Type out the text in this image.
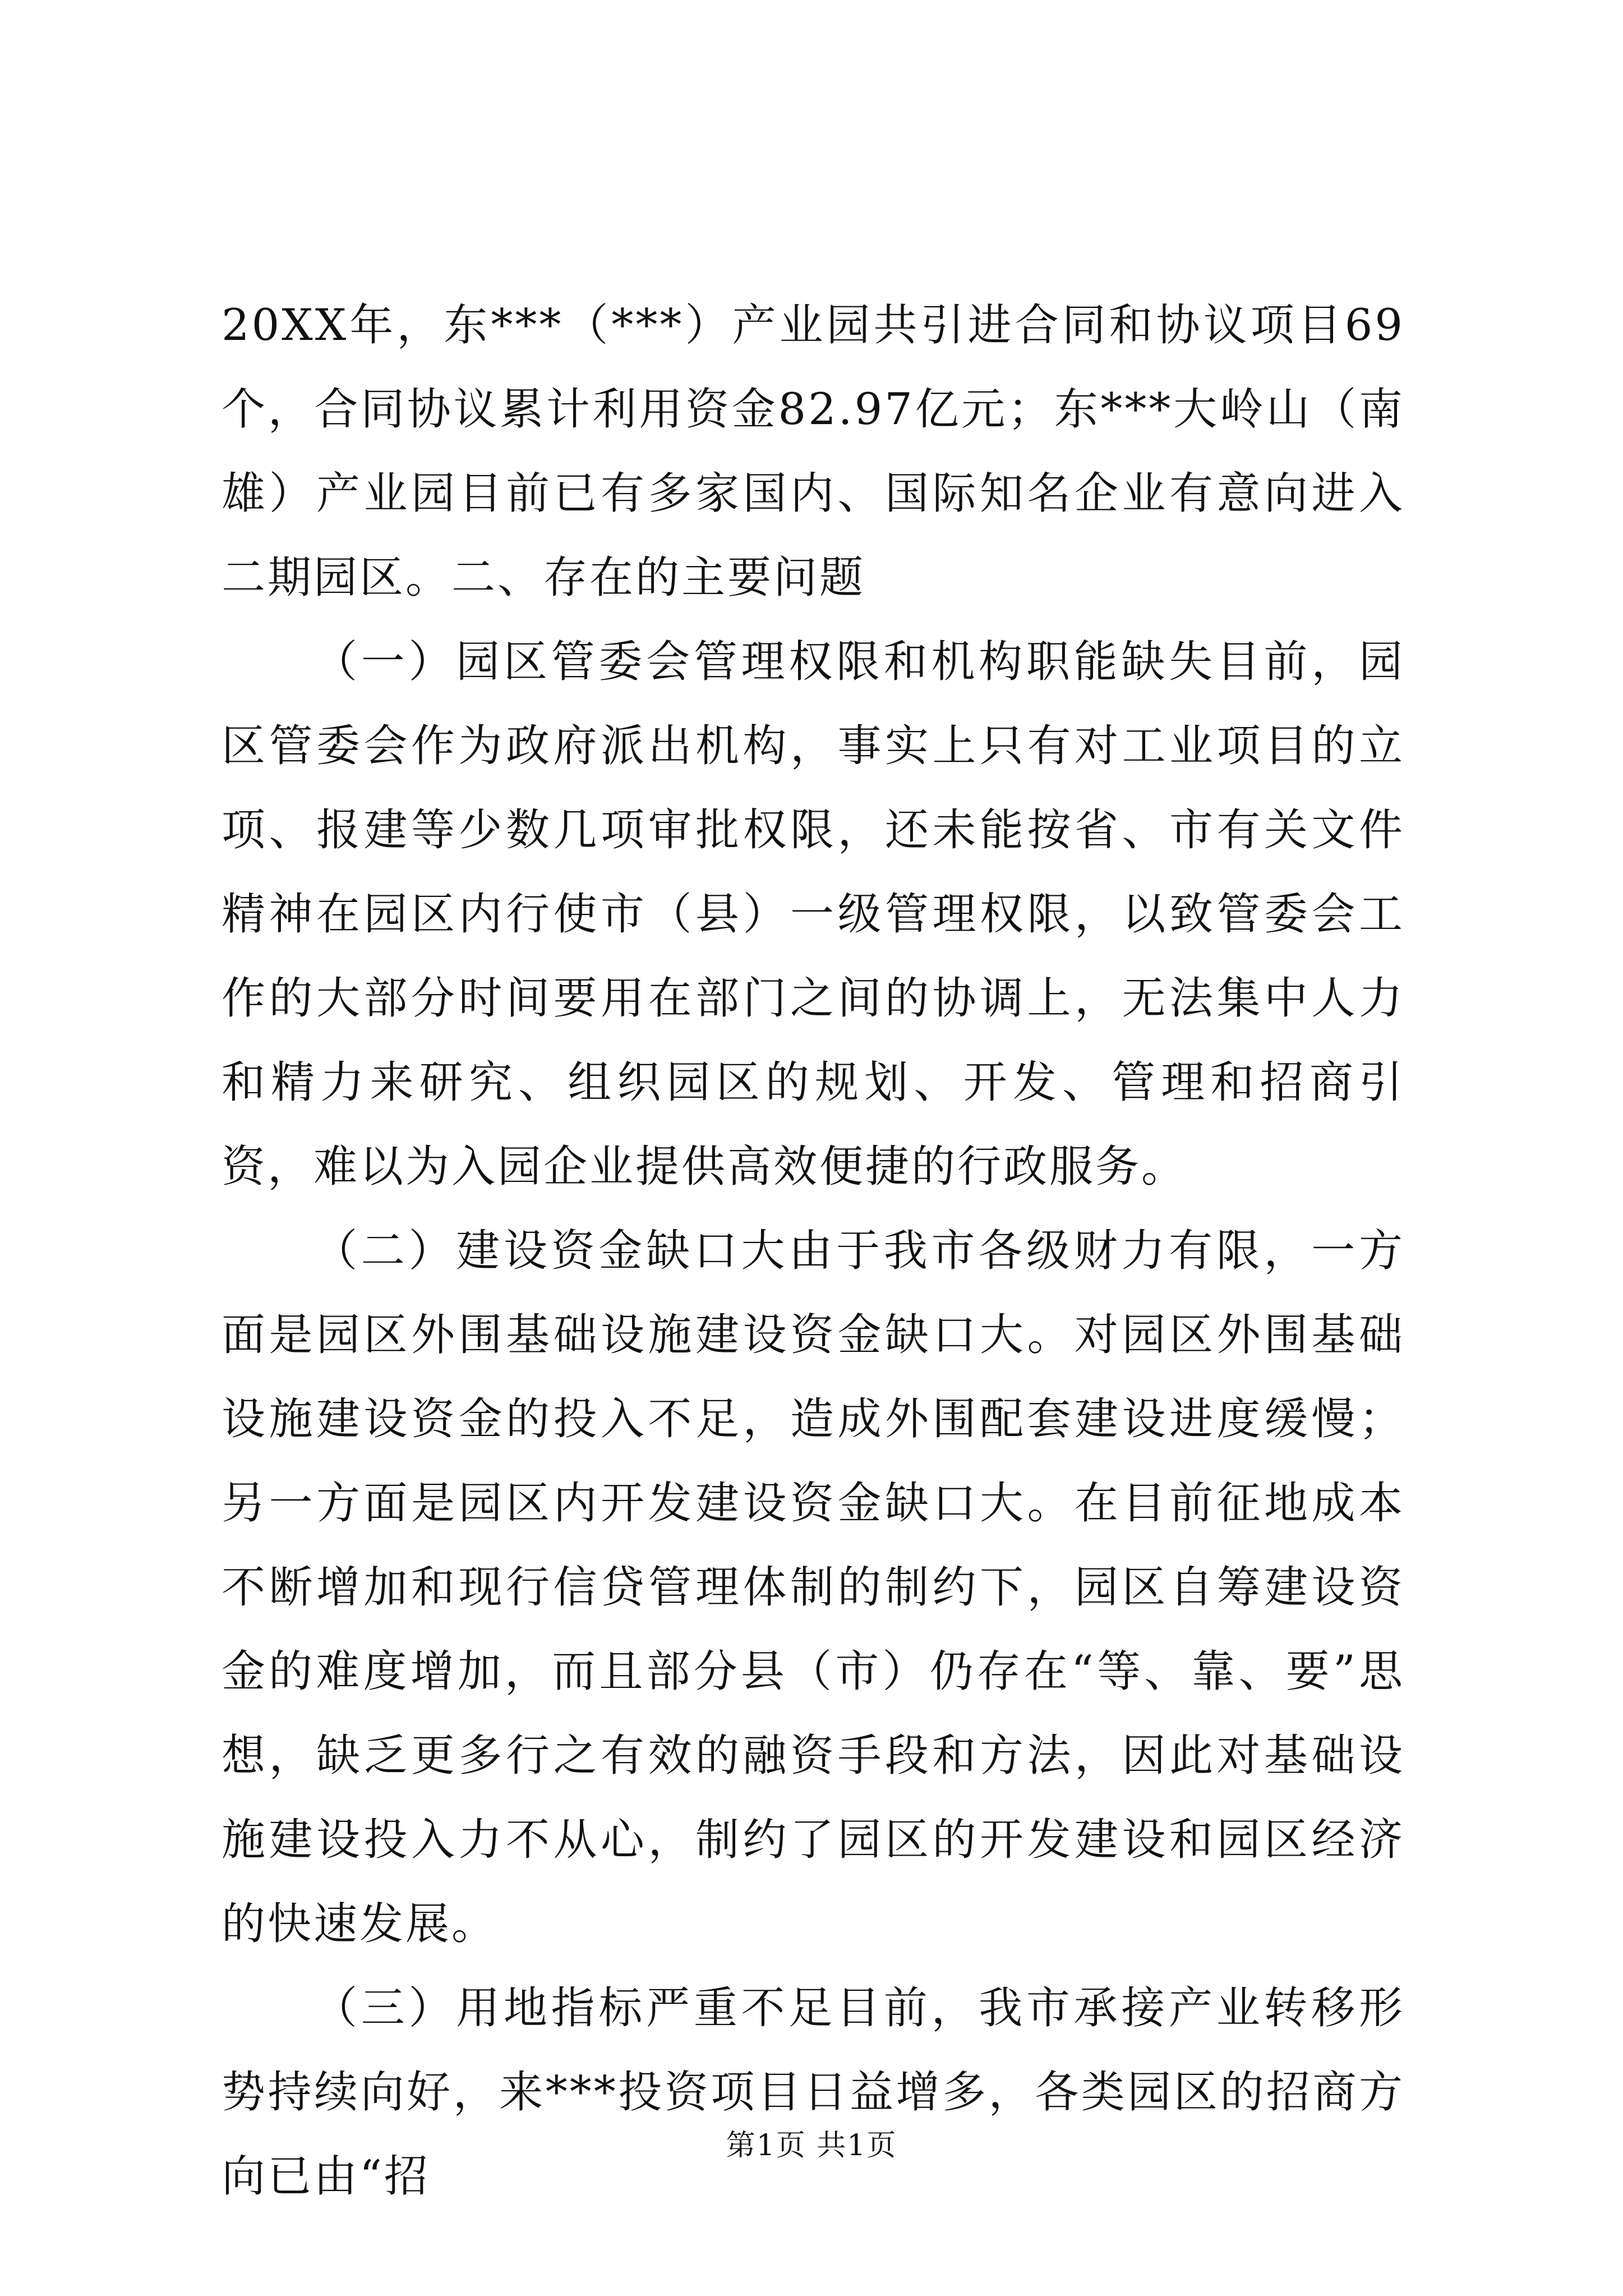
20XX年，东***（***）产业园共引进合同和协议项目69个，合同协议累计利用资金82.97亿元；东***大岭山（南雄）产业园目前已有多家国内、国际知名企业有意向进入二期园区。二、存在的主要问题

（一）园区管委会管理权限和机构职能缺失目前，园区管委会作为政府派出机构，事实上只有对工业项目的立项、报建等少数几项审批权限，还未能按省、市有关文件精神在园区内行使市（县）一级管理权限，以致管委会工作的大部分时间要用在部门之间的协调上，无法集中人力和精力来研究、组织园区的规划、开发、管理和招商引资，难以为入园企业提供高效便捷的行政服务。

（二）建设资金缺口大由于我市各级财力有限，一方面是园区外围基础设施建设资金缺口大。对园区外围基础设施建设资金的投入不足，造成外围配套建设进度缓慢；另一方面是园区内开发建设资金缺口大。在目前征地成本不断增加和现行信贷管理体制的制约下，园区自筹建设资金的难度增加，而且部分县（市）仍存在“等、靠、要”思想，缺乏更多行之有效的融资手段和方法，因此对基础设施建设投入力不从心，制约了园区的开发建设和园区经济的快速发展。

（三）用地指标严重不足目前，我市承接产业转移形势持续向好，来***投资项目日益增多，各类园区的招商方向已由“招

第1页 共1页
